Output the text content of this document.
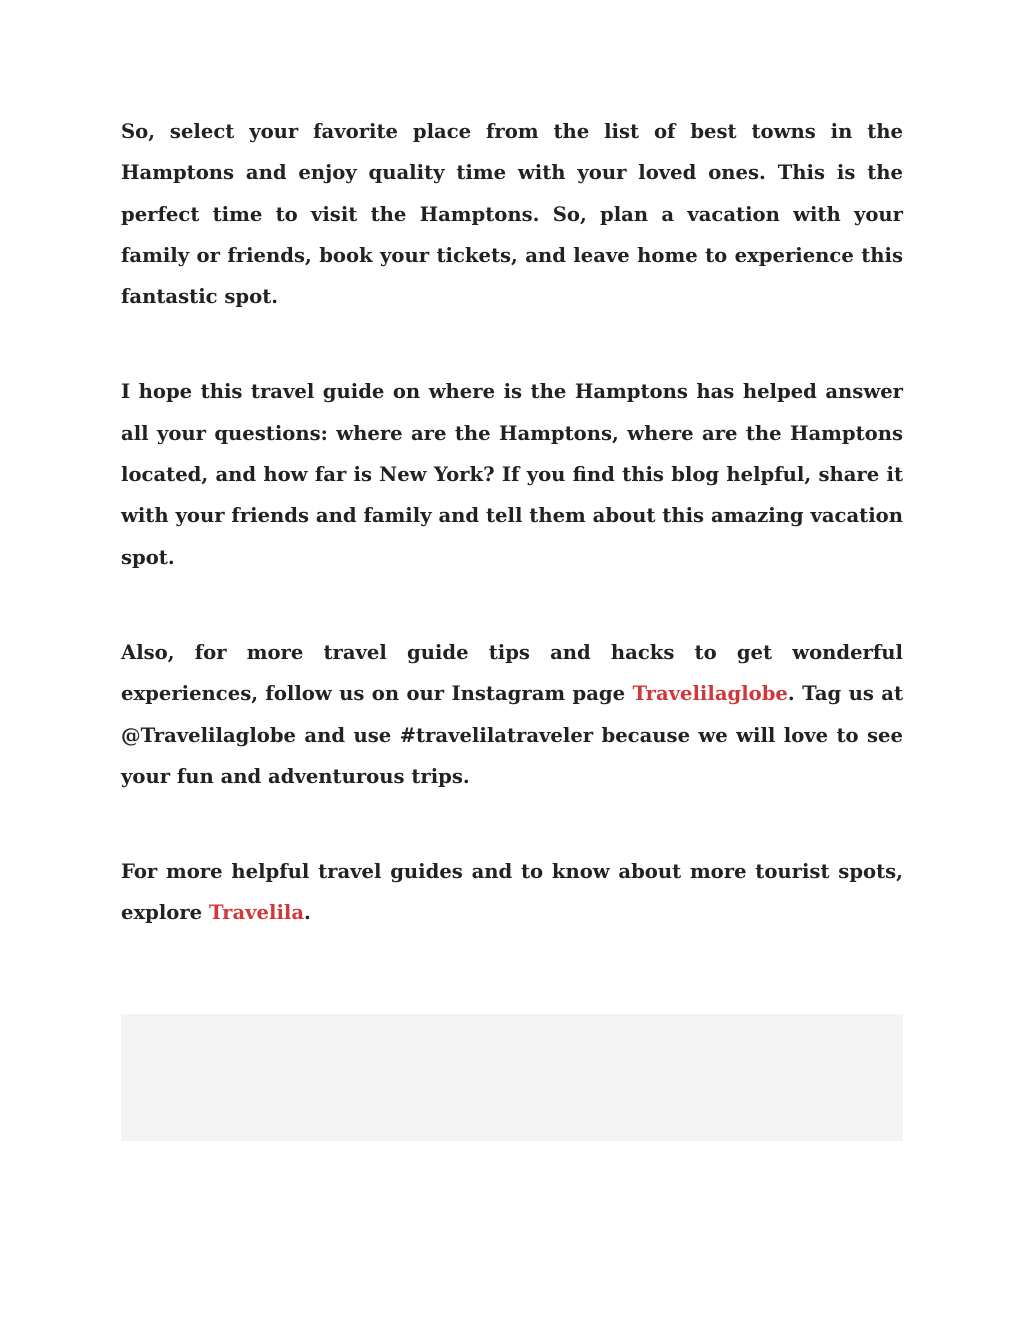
So, select your favorite place from the list of best towns in the Hamptons and enjoy quality time with your loved ones. This is the perfect time to visit the Hamptons. So, plan a vacation with your family or friends, book your tickets, and leave home to experience this fantastic spot.

I hope this travel guide on where is the Hamptons has helped answer all your questions: where are the Hamptons, where are the Hamptons located, and how far is New York? If you find this blog helpful, share it with your friends and family and tell them about this amazing vacation spot.

Also, for more travel guide tips and hacks to get wonderful experiences, follow us on our Instagram page Travelilaglobe. Tag us at @Travelilaglobe and use #travelilatraveler because we will love to see your fun and adventurous trips.

For more helpful travel guides and to know about more tourist spots, explore Travelila.
